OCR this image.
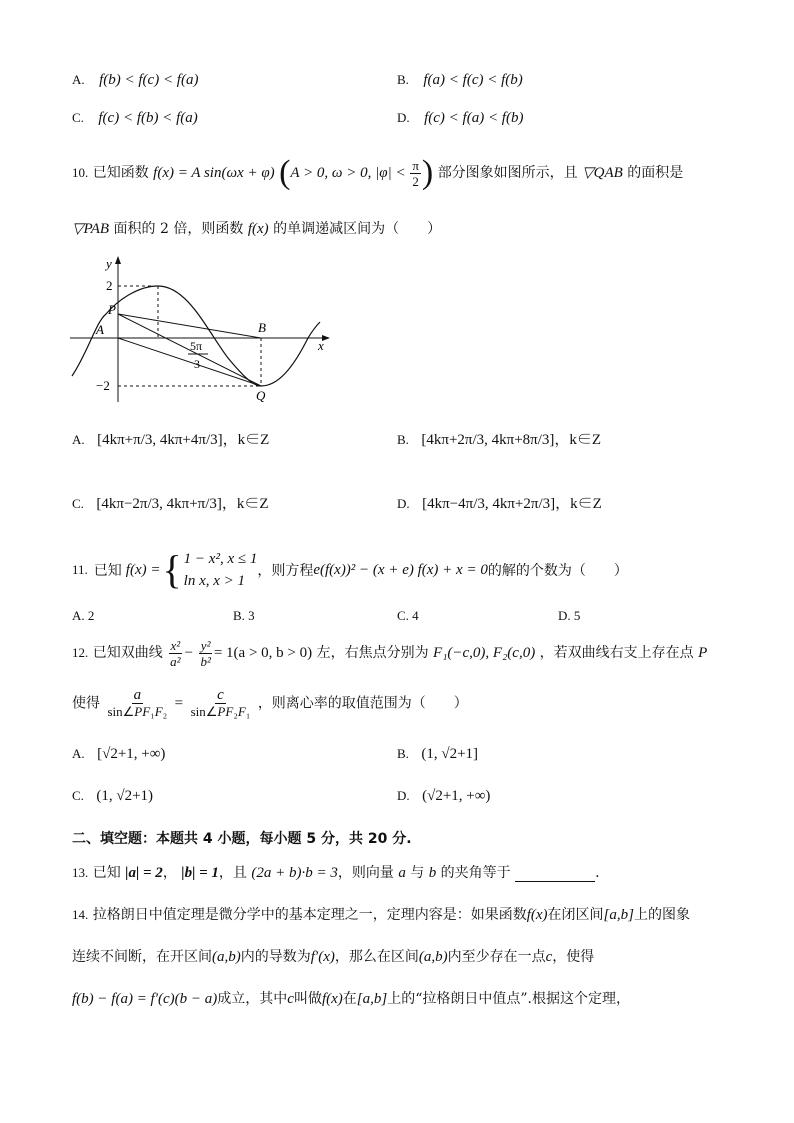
A. f(b) < f(c) < f(a)	B. f(a) < f(c) < f(b)
C. f(c) < f(b) < f(a)	D. f(c) < f(a) < f(b)
10. 已知函数 f(x) = A sin(ωx + φ) (A > 0, ω > 0, $|\varphi| < \frac{\pi}{2}$ ) 部分图象如图所示，且 ▽QAB 的面积是
▽PAB 面积的 2 倍，则函数 f(x) 的单调递减区间为（　　）
y
x
2
−2
P
A	B
Q
5π
3
A. [4kπ+π/3, 4kπ+4π/3]，k∈Z	B. [4kπ+2π/3, 4kπ+8π/3]，k∈Z
C. [4kπ−2π/3, 4kπ+π/3]，k∈Z	D. [4kπ−4π/3, 4kπ+2π/3]，k∈Z
11. 已知 f(x) = { 1 − x², x ≤ 1
ln x, x > 1
，则方程 e(f(x))² − (x + e) f(x) + x = 0 的解的个数为（　　）
A. 2	B. 3	C. 4	D. 5
12. 已知双曲线 $\frac{\text{x²}}{\text{a²}} - \frac{\text{y²}}{\text{b²}} = 1(a > 0$, b > 0) 左，右焦点分别为 F₁(−c,0), F₂(c,0) ，若双曲线右支上存在点 P
使得 $\frac{a}{\text{sin∠PF₁F₂}} = \frac{c}{\text{sin∠PF₂F₁}}$ ，则离心率的取值范围为（　　）
A. [√2+1, +∞)	B. (1, √2+1]
C. (1, √2+1)	D. (√2+1, +∞)
二、填空题：本题共 4 小题，每小题 5 分，共 20 分.
13. 已知 |a| = 2， |b| = 1，且 (2a + b)·b = 3，则向量 a 与 b 的夹角等于	.
14. 拉格朗日中值定理是微分学中的基本定理之一，定理内容是：如果函数f(x)在闭区间[a,b]上的图象
连续不间断，在开区间(a,b)内的导数为f′(x)，那么在区间(a,b)内至少存在一点c，使得
f(b) − f(a) = f′(c)(b − a)成立，其中c叫做f(x)在[a,b]上的“拉格朗日中值点”.根据这个定理，
